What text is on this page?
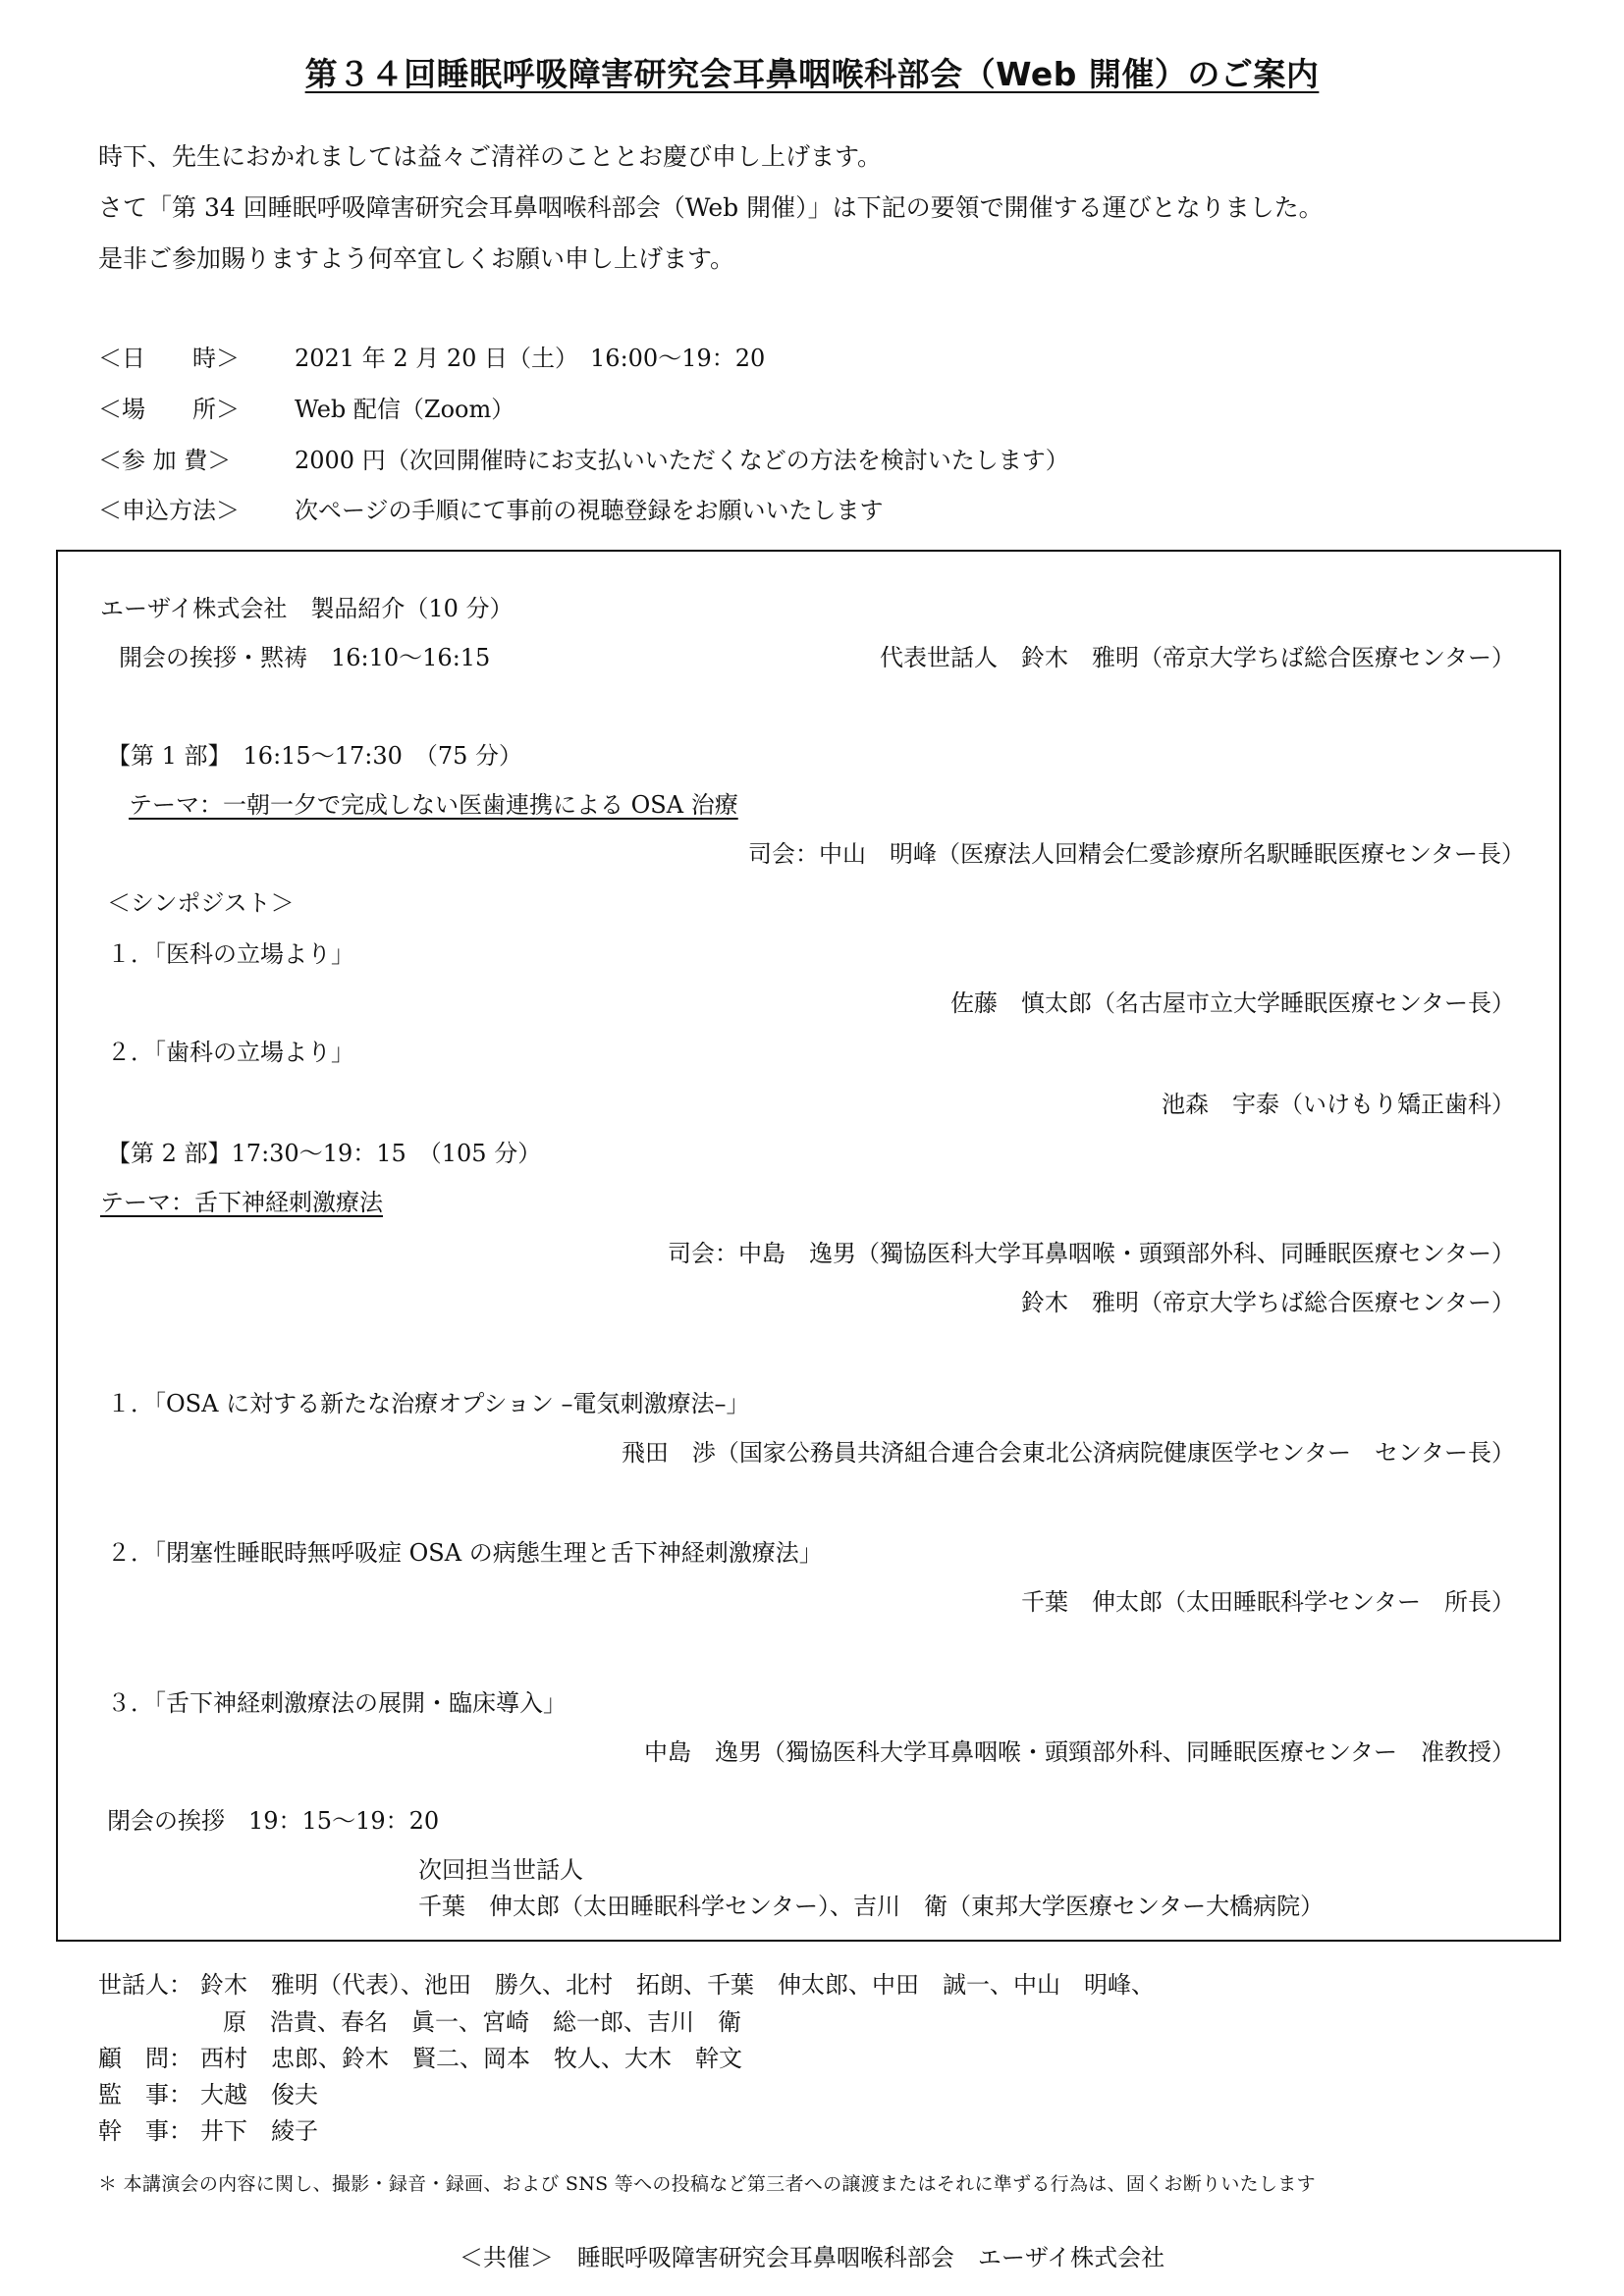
第３４回睡眠呼吸障害研究会耳鼻咽喉科部会（Web 開催）のご案内
時下、先生におかれましては益々ご清祥のこととお慶び申し上げます。
さて「第 34 回睡眠呼吸障害研究会耳鼻咽喉科部会（Web 開催）」は下記の要領で開催する運びとなりました。
是非ご参加賜りますよう何卒宜しくお願い申し上げます。
＜日　　時＞ 2021 年 2 月 20 日（土）　16:00〜19：20
＜場　　所＞ Web 配信（Zoom）
＜参 加 費＞	2000 円（次回開催時にお支払いいただくなどの方法を検討いたします）
＜申込方法＞ 次ページの手順にて事前の視聴登録をお願いいたします
エーザイ株式会社　製品紹介（10 分）
開会の挨拶・黙祷　16:10〜16:15	代表世話人　鈴木　雅明（帝京大学ちば総合医療センター）
【第 1 部】　16:15〜17:30　（75 分）
テーマ：一朝一夕で完成しない医歯連携による OSA 治療
司会：中山　明峰（医療法人回精会仁愛診療所名駅睡眠医療センター長）
＜シンポジスト＞
１．「医科の立場より」
佐藤　慎太郎（名古屋市立大学睡眠医療センター長）
２．「歯科の立場より」
池森　宇泰（いけもり矯正歯科）
【第 2 部】17:30〜19：15　（105 分）
テーマ：舌下神経刺激療法
司会：中島　逸男（獨協医科大学耳鼻咽喉・頭頸部外科、同睡眠医療センター）
鈴木　雅明（帝京大学ちば総合医療センター）
１．「OSA に対する新たな治療オプション –電気刺激療法–」
飛田　渉（国家公務員共済組合連合会東北公済病院健康医学センター　センター長）
２．「閉塞性睡眠時無呼吸症 OSA の病態生理と舌下神経刺激療法」
千葉　伸太郎（太田睡眠科学センター　所長）
３．「舌下神経刺激療法の展開・臨床導入」
中島　逸男（獨協医科大学耳鼻咽喉・頭頸部外科、同睡眠医療センター　准教授）
閉会の挨拶　19：15〜19：20
次回担当世話人
千葉　伸太郎（太田睡眠科学センター）、吉川　衛（東邦大学医療センター大橋病院）
世話人： 鈴木　雅明（代表）、池田　勝久、北村　拓朗、千葉　伸太郎、中田　誠一、中山　明峰、
原　浩貴、春名　眞一、宮崎　総一郎、吉川　衛
顧　問： 西村　忠郎、鈴木　賢二、岡本　牧人、大木　幹文
監　事： 大越　俊夫
幹　事： 井下　綾子
＊ 本講演会の内容に関し、撮影・録音・録画、および SNS 等への投稿など第三者への譲渡またはそれに準ずる行為は、固くお断りいたします
＜共催＞　睡眠呼吸障害研究会耳鼻咽喉科部会　エーザイ株式会社
